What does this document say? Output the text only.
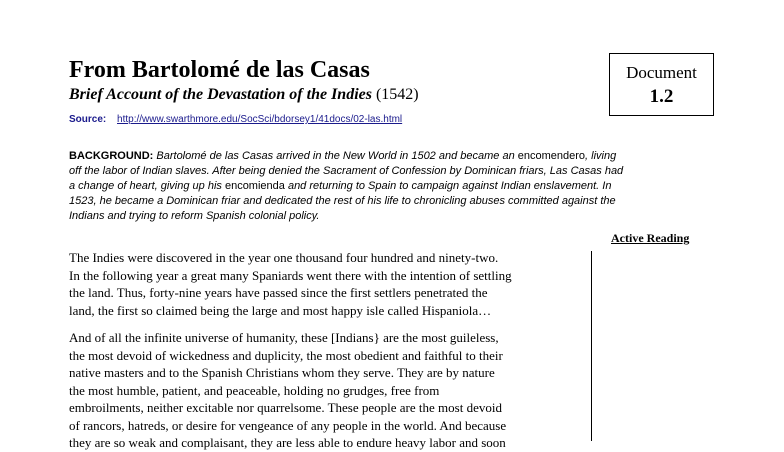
From Bartolomé de las Casas
Brief Account of the Devastation of the Indies (1542)
Source: http://www.swarthmore.edu/SocSci/bdorsey1/41docs/02-las.html
Document
1.2
BACKGROUND: Bartolomé de las Casas arrived in the New World in 1502 and became an encomendero, living
off the labor of Indian slaves. After being denied the Sacrament of Confession by Dominican friars, Las Casas had
a change of heart, giving up his encomienda and returning to Spain to campaign against Indian enslavement. In
1523, he became a Dominican friar and dedicated the rest of his life to chronicling abuses committed against the
Indians and trying to reform Spanish colonial policy.
Active Reading
The Indies were discovered in the year one thousand four hundred and ninety-two.
In the following year a great many Spaniards went there with the intention of settling
the land. Thus, forty-nine years have passed since the first settlers penetrated the
land, the first so claimed being the large and most happy isle called Hispaniola…
And of all the infinite universe of humanity, these [Indians} are the most guileless,
the most devoid of wickedness and duplicity, the most obedient and faithful to their
native masters and to the Spanish Christians whom they serve. They are by nature
the most humble, patient, and peaceable, holding no grudges, free from
embroilments, neither excitable nor quarrelsome. These people are the most devoid
of rancors, hatreds, or desire for vengeance of any people in the world. And because
they are so weak and complaisant, they are less able to endure heavy labor and soon
